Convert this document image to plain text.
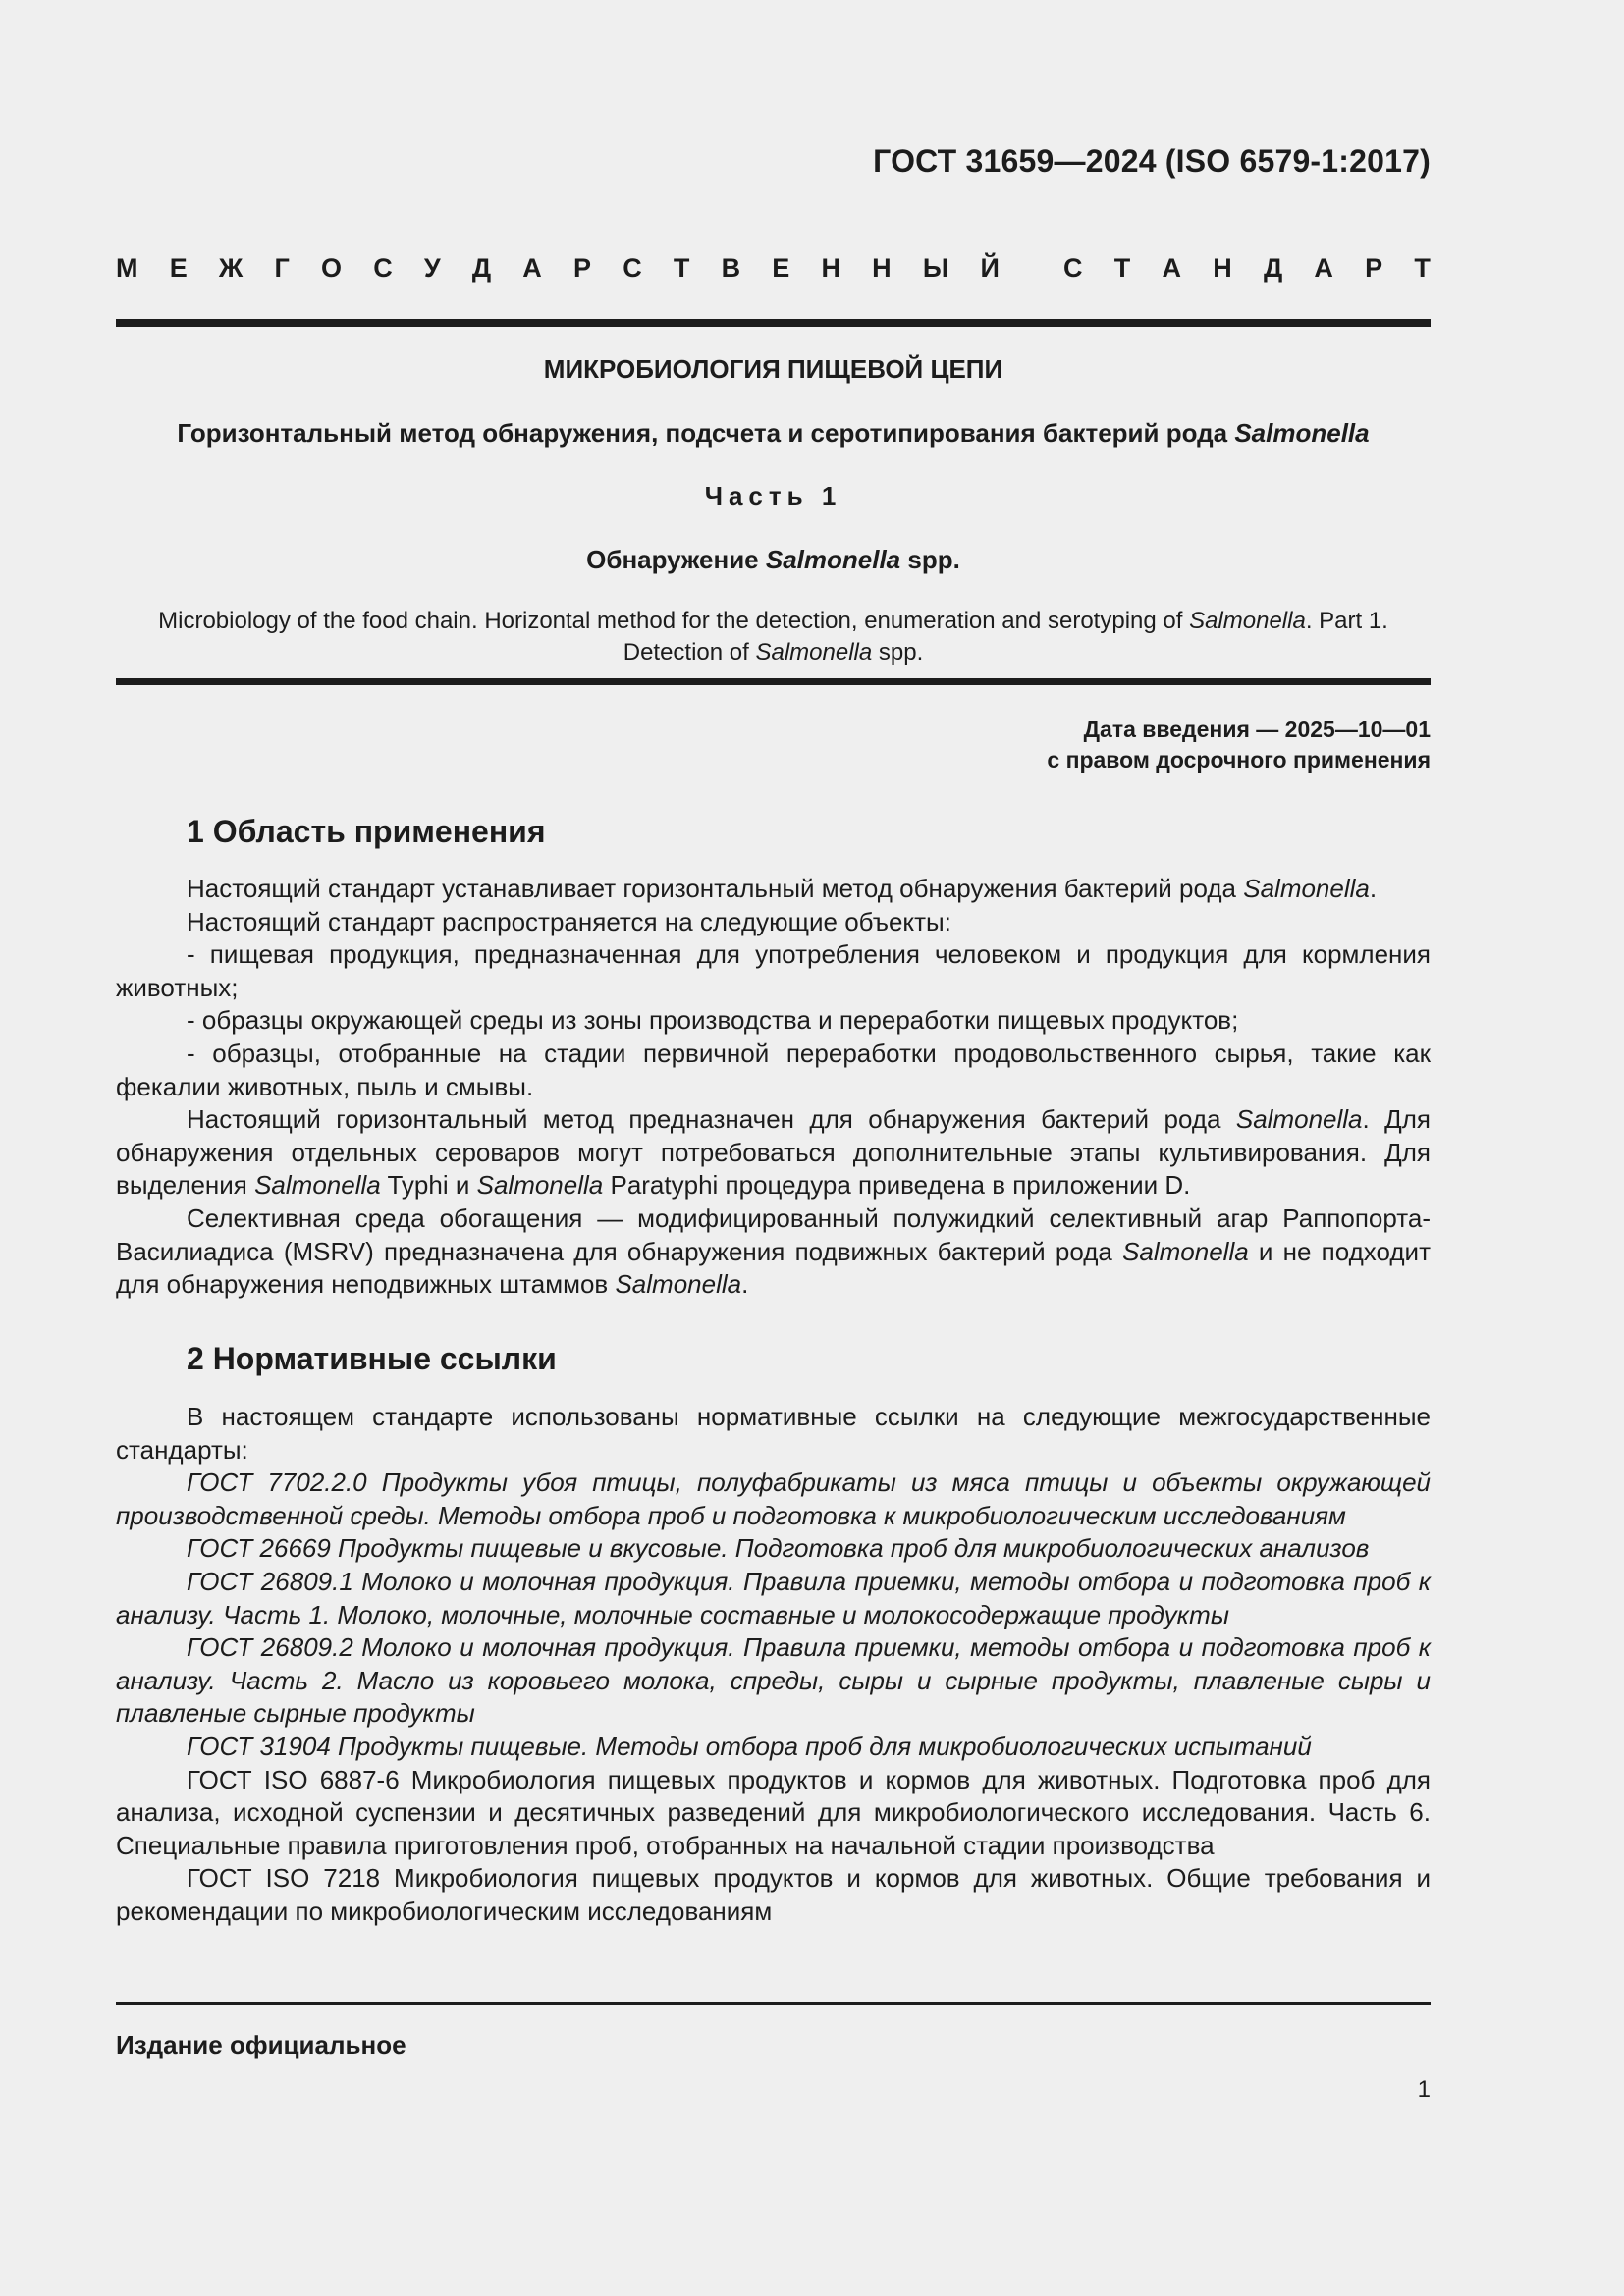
ГОСТ 31659—2024 (ISO 6579-1:2017)
М Е Ж Г О С У Д А Р С Т В Е Н Н Ы Й С Т А Н Д А Р Т
МИКРОБИОЛОГИЯ ПИЩЕВОЙ ЦЕПИ
Горизонтальный метод обнаружения, подсчета и серотипирования бактерий рода Salmonella
Часть 1
Обнаружение Salmonella spp.
Microbiology of the food chain. Horizontal method for the detection, enumeration and serotyping of Salmonella. Part 1.
Detection of Salmonella spp.
Дата введения — 2025—10—01
с правом досрочного применения
1 Область применения

Настоящий стандарт устанавливает горизонтальный метод обнаружения бактерий рода Salmonella.

Настоящий стандарт распространяется на следующие объекты:

- пищевая продукция, предназначенная для употребления человеком и продукция для кормления животных;

- образцы окружающей среды из зоны производства и переработки пищевых продуктов;

- образцы, отобранные на стадии первичной переработки продовольственного сырья, такие как фекалии животных, пыль и смывы.

Настоящий горизонтальный метод предназначен для обнаружения бактерий рода Salmonella. Для обнаружения отдельных сероваров могут потребоваться дополнительные этапы культивирования. Для выделения Salmonella Typhi и Salmonella Paratyphi процедура приведена в приложении D.

Селективная среда обогащения — модифицированный полужидкий селективный агар Раппопорта-Василиадиса (MSRV) предназначена для обнаружения подвижных бактерий рода Salmonella и не подходит для обнаружения неподвижных штаммов Salmonella.

2 Нормативные ссылки

В настоящем стандарте использованы нормативные ссылки на следующие межгосударственные стандарты:

ГОСТ 7702.2.0 Продукты убоя птицы, полуфабрикаты из мяса птицы и объекты окружающей производственной среды. Методы отбора проб и подготовка к микробиологическим исследованиям

ГОСТ 26669 Продукты пищевые и вкусовые. Подготовка проб для микробиологических анализов

ГОСТ 26809.1 Молоко и молочная продукция. Правила приемки, методы отбора и подготовка проб к анализу. Часть 1. Молоко, молочные, молочные составные и молокосодержащие продукты

ГОСТ 26809.2 Молоко и молочная продукция. Правила приемки, методы отбора и подготовка проб к анализу. Часть 2. Масло из коровьего молока, спреды, сыры и сырные продукты, плавленые сыры и плавленые сырные продукты

ГОСТ 31904 Продукты пищевые. Методы отбора проб для микробиологических испытаний

ГОСТ ISO 6887-6 Микробиология пищевых продуктов и кормов для животных. Подготовка проб для анализа, исходной суспензии и десятичных разведений для микробиологического исследования. Часть 6. Специальные правила приготовления проб, отобранных на начальной стадии производства

ГОСТ ISO 7218 Микробиология пищевых продуктов и кормов для животных. Общие требования и рекомендации по микробиологическим исследованиям

Издание официальное
1
